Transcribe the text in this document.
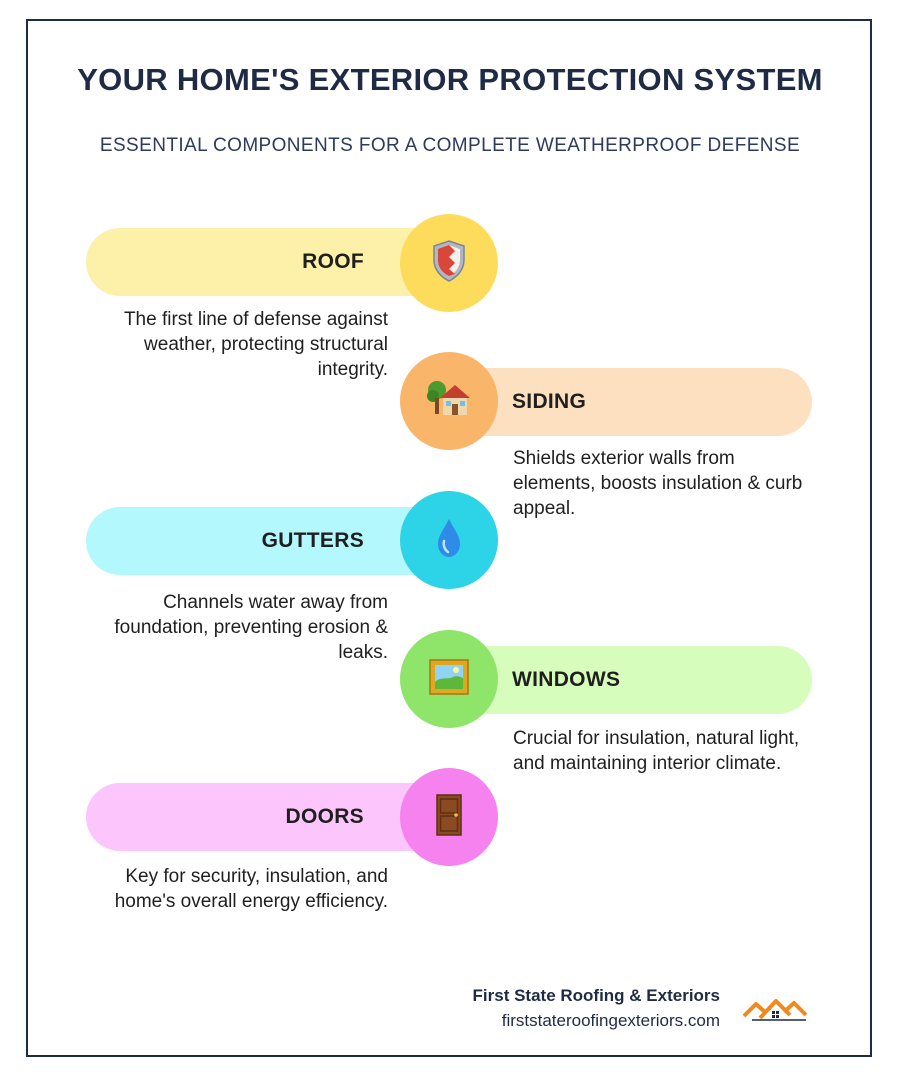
YOUR HOME'S EXTERIOR PROTECTION SYSTEM
ESSENTIAL COMPONENTS FOR A COMPLETE WEATHERPROOF DEFENSE
ROOF
The first line of defense against weather, protecting structural integrity.
SIDING
Shields exterior walls from elements, boosts insulation & curb appeal.
GUTTERS
Channels water away from foundation, preventing erosion & leaks.
WINDOWS
Crucial for insulation, natural light, and maintaining interior climate.
DOORS
Key for security, insulation, and home's overall energy efficiency.
First State Roofing & Exteriors
firststateroofingexteriors.com
